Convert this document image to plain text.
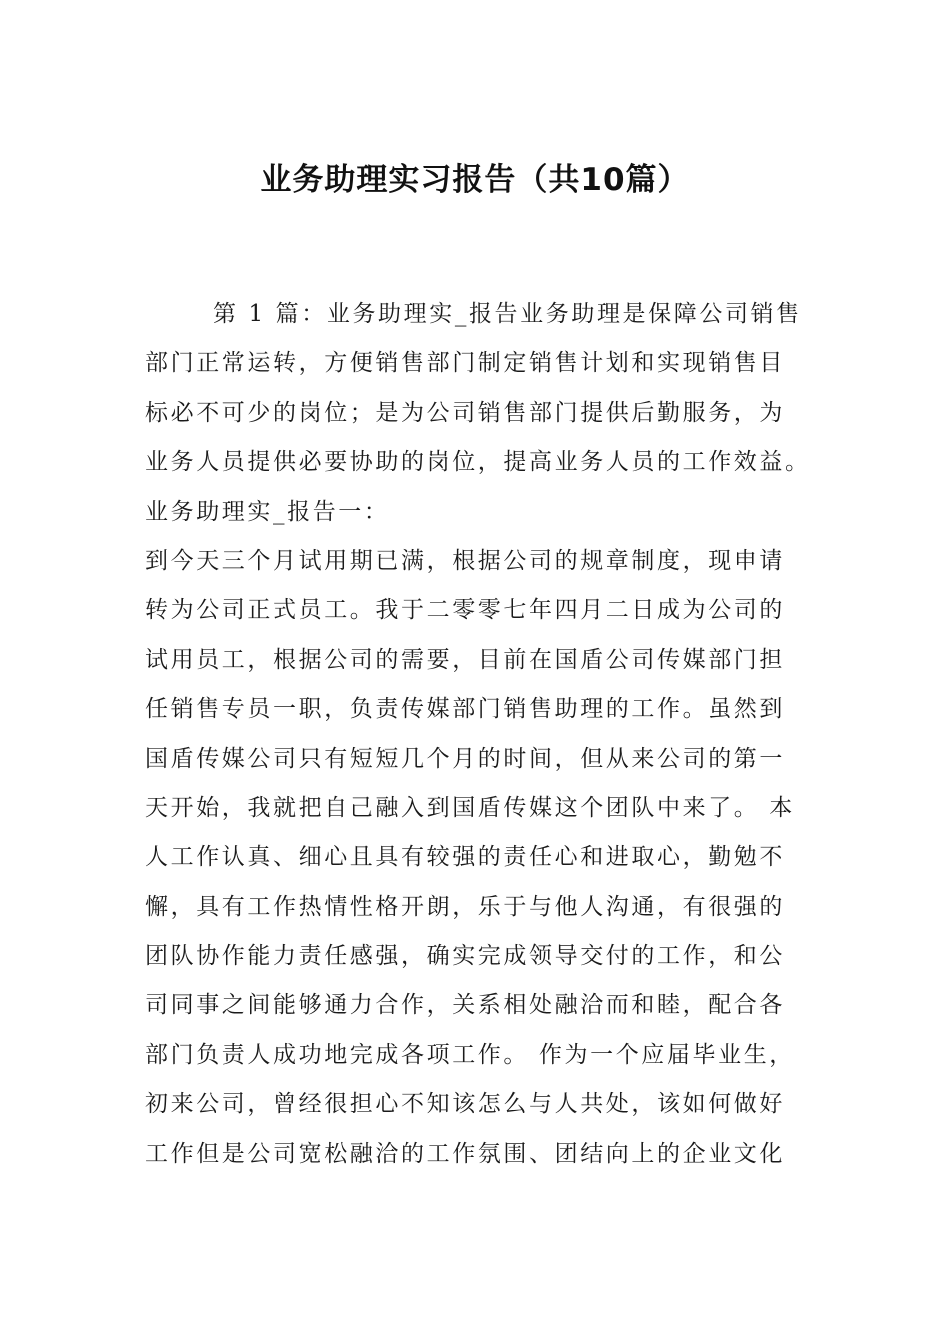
业务助理实习报告（共10篇）
第 1 篇：业务助理实_报告业务助理是保障公司销售
部门正常运转，方便销售部门制定销售计划和实现销售目
标必不可少的岗位；是为公司销售部门提供后勤服务，为
业务人员提供必要协助的岗位，提高业务人员的工作效益。
业务助理实_报告一：
到今天三个月试用期已满，根据公司的规章制度，现申请
转为公司正式员工。我于二零零七年四月二日成为公司的
试用员工，根据公司的需要，目前在国盾公司传媒部门担
任销售专员一职，负责传媒部门销售助理的工作。虽然到
国盾传媒公司只有短短几个月的时间，但从来公司的第一
天开始，我就把自己融入到国盾传媒这个团队中来了。 本
人工作认真、细心且具有较强的责任心和进取心，勤勉不
懈，具有工作热情性格开朗，乐于与他人沟通，有很强的
团队协作能力责任感强，确实完成领导交付的工作，和公
司同事之间能够通力合作，关系相处融洽而和睦，配合各
部门负责人成功地完成各项工作。 作为一个应届毕业生，
初来公司，曾经很担心不知该怎么与人共处，该如何做好
工作但是公司宽松融洽的工作氛围、团结向上的企业文化
